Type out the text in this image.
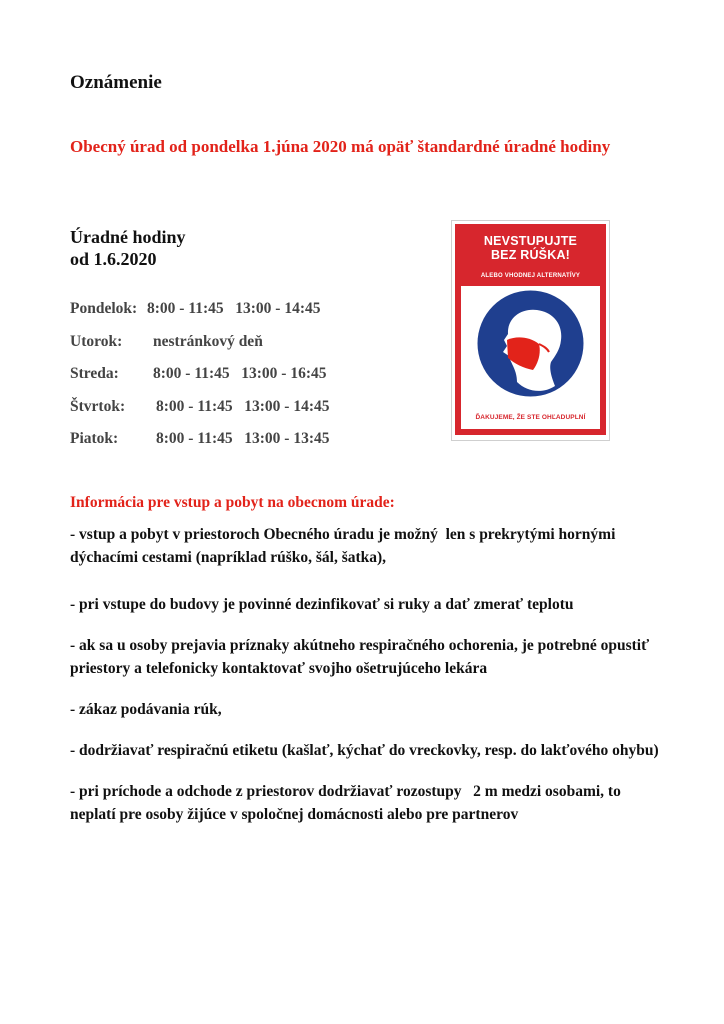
Oznámenie
Obecný úrad od pondelka 1.júna 2020 má opäť štandardné úradné hodiny
Úradné hodiny
od 1.6.2020
Pondelok: 8:00 - 11:45   13:00 - 14:45
Utorok: nestránkový deň
Streda: 8:00 - 11:45   13:00 - 16:45
Štvrtok: 8:00 - 11:45   13:00 - 14:45
Piatok: 8:00 - 11:45   13:00 - 13:45
NEVSTUPUJTE
BEZ RÚŠKA!
ALEBO VHODNEJ ALTERNATÍVY
ĎAKUJEME, ŽE STE OHĽADUPLNÍ
Informácia pre vstup a pobyt na obecnom úrade:
- vstup a pobyt v priestoroch Obecného úradu je možný  len s prekrytými hornými dýchacími cestami (napríklad rúško, šál, šatka),
- pri vstupe do budovy je povinné dezinfikovať si ruky a dať zmerať teplotu
- ak sa u osoby prejavia príznaky akútneho respiračného ochorenia, je potrebné opustiť priestory a telefonicky kontaktovať svojho ošetrujúceho lekára
- zákaz podávania rúk,
- dodržiavať respiračnú etiketu (kašlať, kýchať do vreckovky, resp. do lakťového ohybu)
- pri príchode a odchode z priestorov dodržiavať rozostupy   2 m medzi osobami, to neplatí pre osoby žijúce v spoločnej domácnosti alebo pre partnerov
